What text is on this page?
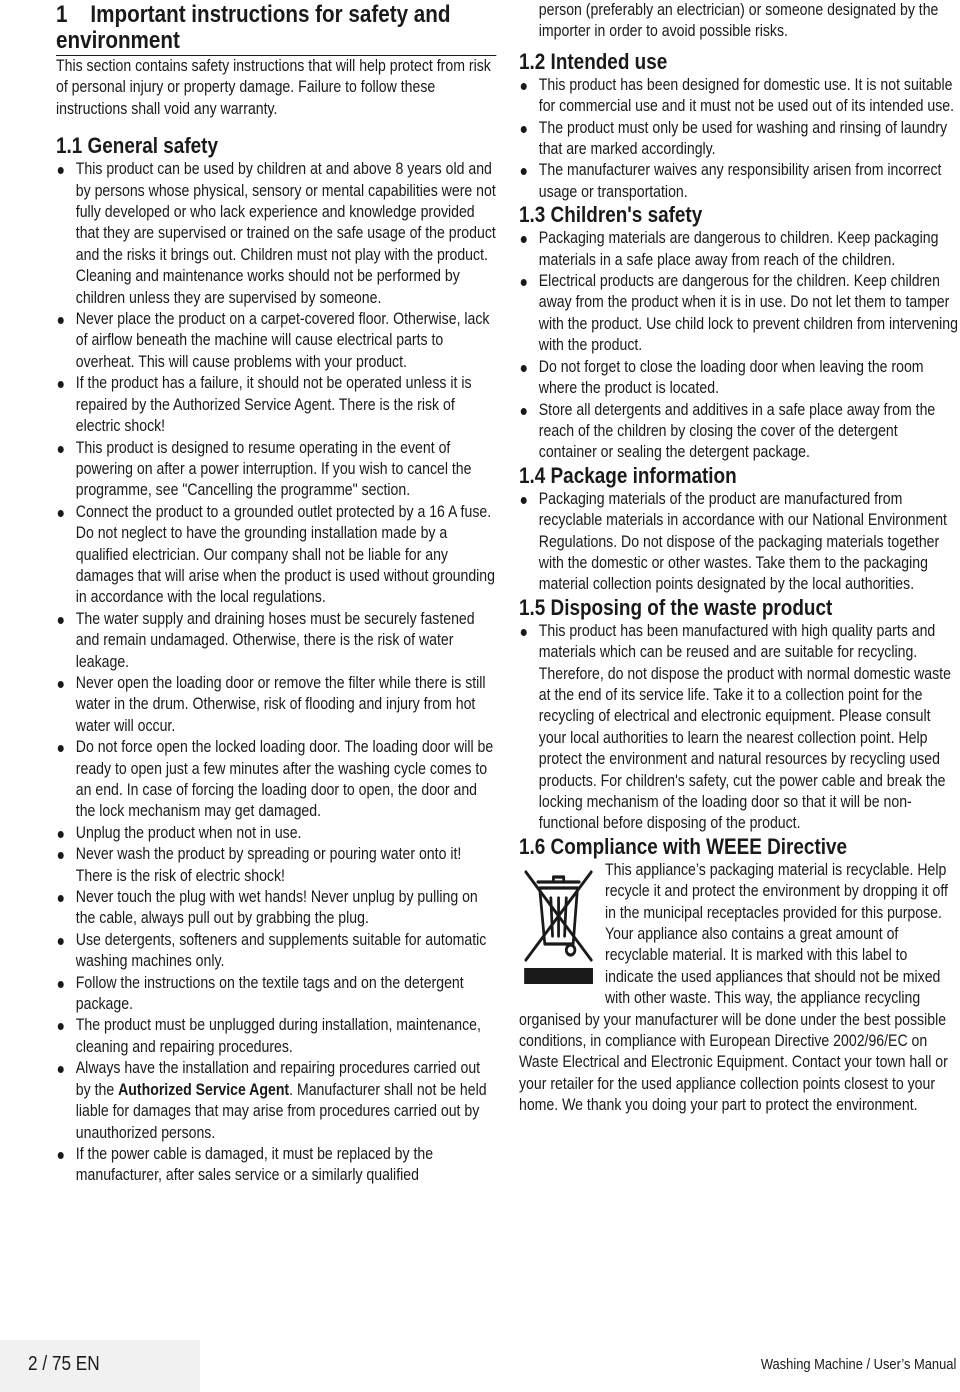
1 Important instructions for safety and environment

This section contains safety instructions that will help protect from risk of personal injury or property damage. Failure to follow these instructions shall void any warranty.

1.1 General safety
This product can be used by children at and above 8 years old and by persons whose physical, sensory or mental capabilities were not fully developed or who lack experience and knowledge provided that they are supervised or trained on the safe usage of the product and the risks it brings out. Children must not play with the product. Cleaning and maintenance works should not be performed by children unless they are supervised by someone.
Never place the product on a carpet-covered floor. Otherwise, lack of airflow beneath the machine will cause electrical parts to overheat. This will cause problems with your product.
If the product has a failure, it should not be operated unless it is repaired by the Authorized Service Agent. There is the risk of electric shock!
This product is designed to resume operating in the event of powering on after a power interruption. If you wish to cancel the programme, see "Cancelling the programme" section.
Connect the product to a grounded outlet protected by a 16 A fuse. Do not neglect to have the grounding installation made by a qualified electrician. Our company shall not be liable for any damages that will arise when the product is used without grounding in accordance with the local regulations.
The water supply and draining hoses must be securely fastened and remain undamaged. Otherwise, there is the risk of water leakage.
Never open the loading door or remove the filter while there is still water in the drum. Otherwise, risk of flooding and injury from hot water will occur.
Do not force open the locked loading door. The loading door will be ready to open just a few minutes after the washing cycle comes to an end. In case of forcing the loading door to open, the door and the lock mechanism may get damaged.
Unplug the product when not in use.
Never wash the product by spreading or pouring water onto it! There is the risk of electric shock!
Never touch the plug with wet hands! Never unplug by pulling on the cable, always pull out by grabbing the plug.
Use detergents, softeners and supplements suitable for automatic washing machines only.
Follow the instructions on the textile tags and on the detergent package.
The product must be unplugged during installation, maintenance, cleaning and repairing procedures.
Always have the installation and repairing procedures carried out by the Authorized Service Agent. Manufacturer shall not be held liable for damages that may arise from procedures carried out by unauthorized persons.
If the power cable is damaged, it must be replaced by the manufacturer, after sales service or a similarly qualified

person (preferably an electrician) or someone designated by the importer in order to avoid possible risks.

1.2 Intended use
This product has been designed for domestic use. It is not suitable for commercial use and it must not be used out of its intended use.
The product must only be used for washing and rinsing of laundry that are marked accordingly.
The manufacturer waives any responsibility arisen from incorrect usage or transportation.
1.3 Children's safety
Packaging materials are dangerous to children. Keep packaging materials in a safe place away from reach of the children.
Electrical products are dangerous for the children. Keep children away from the product when it is in use. Do not let them to tamper with the product. Use child lock to prevent children from intervening with the product.
Do not forget to close the loading door when leaving the room where the product is located.
Store all detergents and additives in a safe place away from the reach of the children by closing the cover of the detergent container or sealing the detergent package.
1.4 Package information
Packaging materials of the product are manufactured from recyclable materials in accordance with our National Environment Regulations. Do not dispose of the packaging materials together with the domestic or other wastes. Take them to the packaging material collection points designated by the local authorities.
1.5 Disposing of the waste product
This product has been manufactured with high quality parts and materials which can be reused and are suitable for recycling. Therefore, do not dispose the product with normal domestic waste at the end of its service life. Take it to a collection point for the recycling of electrical and electronic equipment. Please consult your local authorities to learn the nearest collection point. Help protect the environment and natural resources by recycling used products. For children's safety, cut the power cable and break the locking mechanism of the loading door so that it will be non-functional before disposing of the product.
1.6 Compliance with WEEE Directive
This appliance’s packaging material is recyclable. Help recycle it and protect the environment by dropping it off in the municipal receptacles provided for this purpose. Your appliance also contains a great amount of recyclable material. It is marked with this label to indicate the used appliances that should not be mixed with other waste. This way, the appliance recycling organised by your manufacturer will be done under the best possible conditions, in compliance with European Directive 2002/96/EC on Waste Electrical and Electronic Equipment. Contact your town hall or your retailer for the used appliance collection points closest to your home. We thank you doing your part to protect the environment.
2 / 75 EN	Washing Machine / User’s Manual
